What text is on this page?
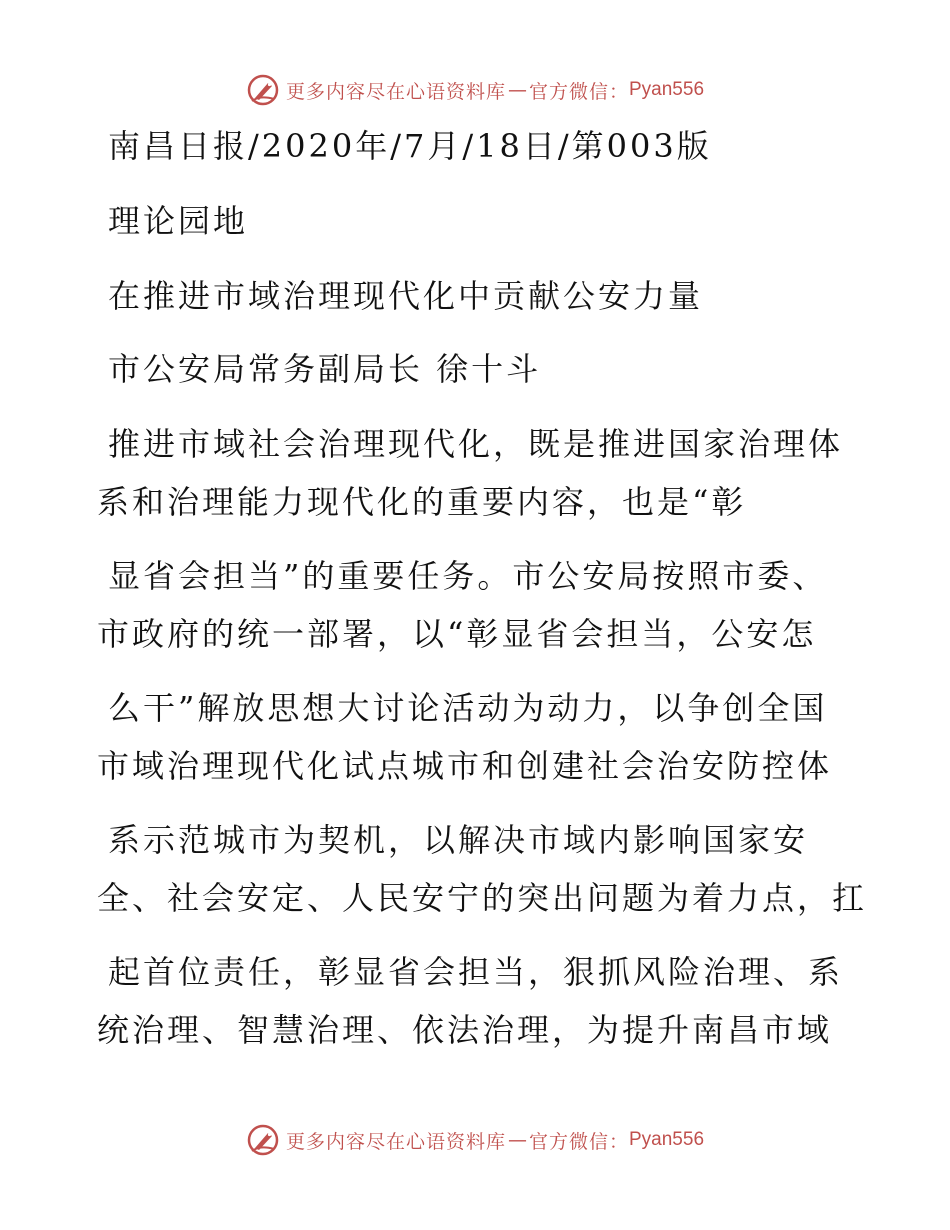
更多内容尽在心语资料库 — 官方微信： Pyan556

南昌日报/2020年/7月/18日/第003版

理论园地

在推进市域治理现代化中贡献公安力量

市公安局常务副局长 徐十斗

推进市域社会治理现代化，既是推进国家治理体

系和治理能力现代化的重要内容，也是“彰

显省会担当”的重要任务。市公安局按照市委、

市政府的统一部署，以“彰显省会担当，公安怎

么干”解放思想大讨论活动为动力，以争创全国

市域治理现代化试点城市和创建社会治安防控体

系示范城市为契机，以解决市域内影响国家安

全、社会安定、人民安宁的突出问题为着力点，扛

起首位责任，彰显省会担当，狠抓风险治理、系

统治理、智慧治理、依法治理，为提升南昌市域

更多内容尽在心语资料库 — 官方微信： Pyan556
